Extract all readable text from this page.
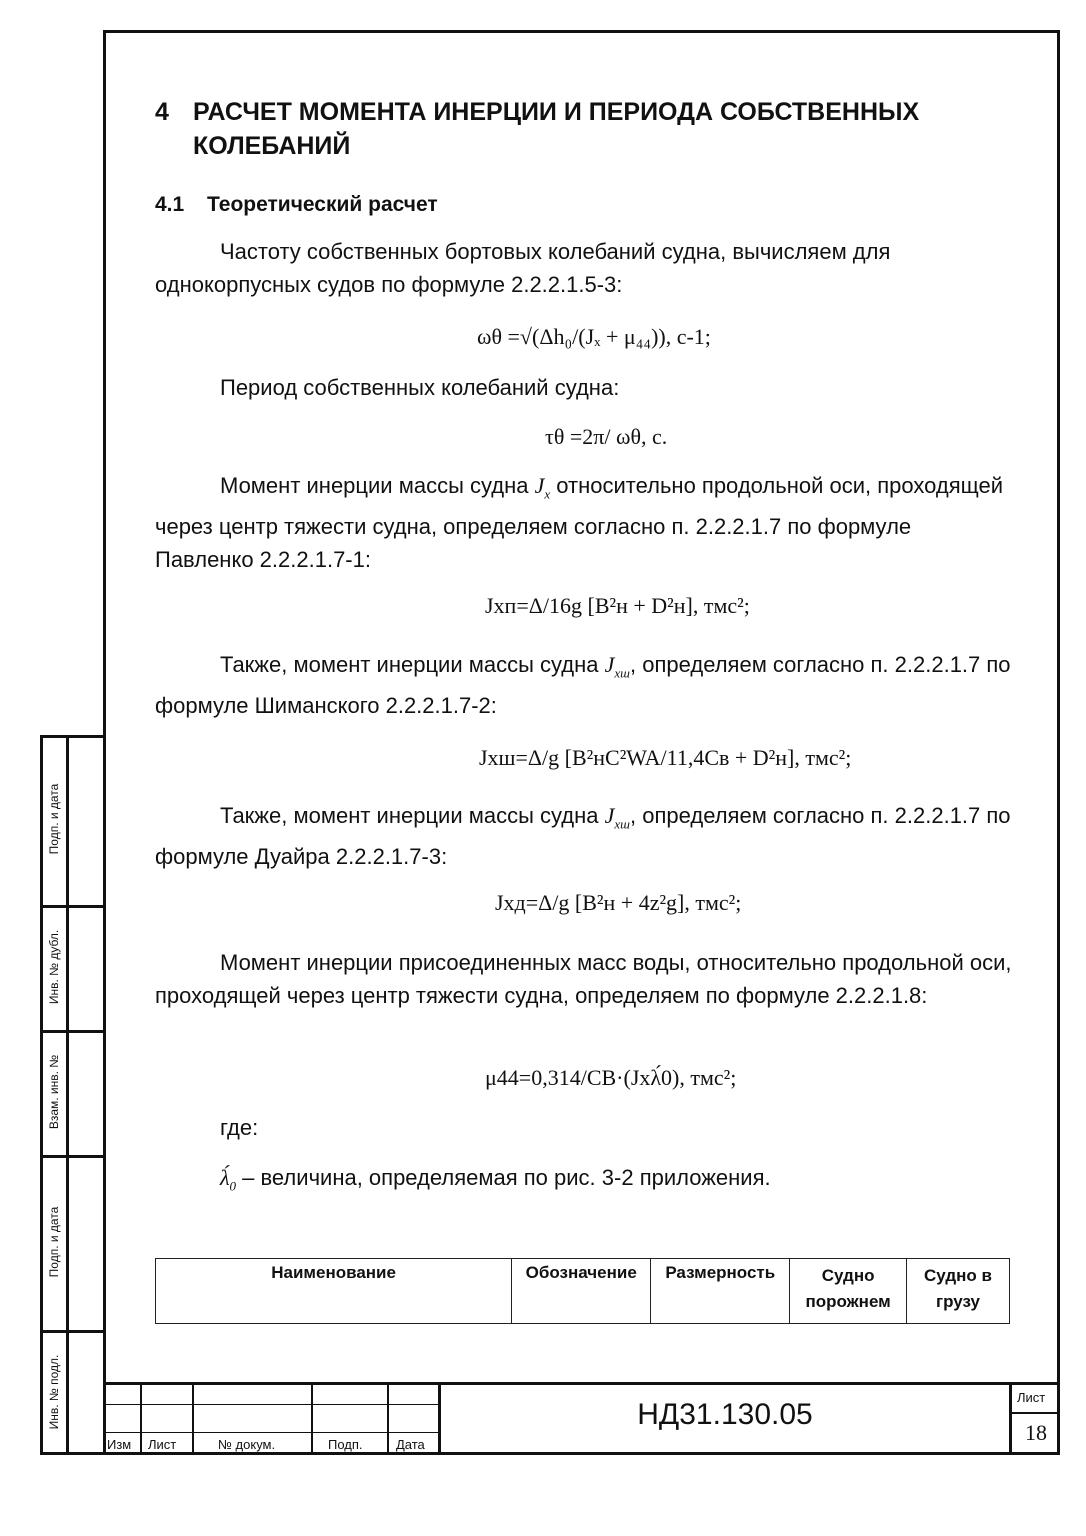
4 РАСЧЕТ МОМЕНТА ИНЕРЦИИ И ПЕРИОДА СОБСТВЕННЫХ КОЛЕБАНИЙ
4.1 Теоретический расчет
Частоту собственных бортовых колебаний судна, вычисляем для однокорпусных судов по формуле 2.2.2.1.5-3:
ωθ =√(Δh₀/(Jₓ + μ₄₄)), с-1;
Период собственных колебаний судна:
τθ =2π/ ωθ, с.
Момент инерции массы судна $J_x$ относительно продольной оси, проходящей через центр тяжести судна, определяем согласно п. 2.2.2.1.7 по формуле Павленко 2.2.2.1.7-1:
Jхп=Δ/16g [B²н + D²н], тмс²;
Также, момент инерции массы судна $J_{хш}$, определяем согласно п. 2.2.2.1.7 по формуле Шиманского 2.2.2.1.7-2:
Jхш=Δ/g [B²нC²WA/11,4Cв + D²н], тмс²;
Также, момент инерции массы судна $J_{хш}$, определяем согласно п. 2.2.2.1.7 по формуле Дуайра 2.2.2.1.7-3:
Jхд=Δ/g [B²н + 4z²g], тмс²;
Момент инерции присоединенных масс воды, относительно продольной оси, проходящей через центр тяжести судна, определяем по формуле 2.2.2.1.8:
μ44=0,314/CB·(Jxλ́0), тмс²;
где:
$\lambdá_0$ – величина, определяемая по рис. 3-2 приложения.
Наименование	Обозначение	Размерность	Судно порожнем	Судно в грузу
Подп. и дата
Инв. № дубл.
Взам. инв. №
Подп. и дата
Инв. № подл.
Изм Лист	№ докум.	Подп.	Дата
НД31.130.05
Лист
18
